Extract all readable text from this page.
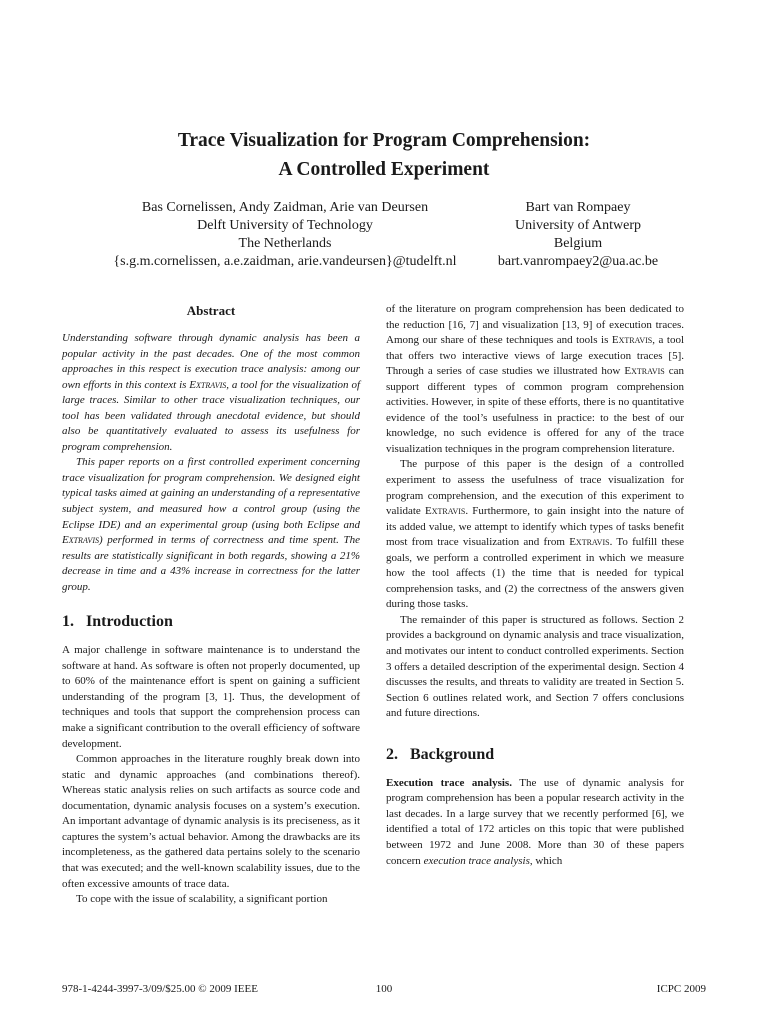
Trace Visualization for Program Comprehension:
A Controlled Experiment
Bas Cornelissen, Andy Zaidman, Arie van Deursen
Delft University of Technology
The Netherlands
{s.g.m.cornelissen, a.e.zaidman, arie.vandeursen}@tudelft.nl
Bart van Rompaey
University of Antwerp
Belgium
bart.vanrompaey2@ua.ac.be
Abstract

Understanding software through dynamic analysis has been a popular activity in the past decades. One of the most common approaches in this respect is execution trace analysis: among our own efforts in this context is Extravis, a tool for the visualization of large traces. Similar to other trace visualization techniques, our tool has been validated through anecdotal evidence, but should also be quantitatively evaluated to assess its usefulness for program comprehension.

This paper reports on a first controlled experiment concerning trace visualization for program comprehension. We designed eight typical tasks aimed at gaining an understanding of a representative subject system, and measured how a control group (using the Eclipse IDE) and an experimental group (using both Eclipse and Extravis) performed in terms of correctness and time spent. The results are statistically significant in both regards, showing a 21% decrease in time and a 43% increase in correctness for the latter group.

1. Introduction

A major challenge in software maintenance is to understand the software at hand. As software is often not properly documented, up to 60% of the maintenance effort is spent on gaining a sufficient understanding of the program [3, 1]. Thus, the development of techniques and tools that support the comprehension process can make a significant contribution to the overall efficiency of software development.

Common approaches in the literature roughly break down into static and dynamic approaches (and combinations thereof). Whereas static analysis relies on such artifacts as source code and documentation, dynamic analysis focuses on a system’s execution. An important advantage of dynamic analysis is its preciseness, as it captures the system’s actual behavior. Among the drawbacks are its incompleteness, as the gathered data pertains solely to the scenario that was executed; and the well-known scalability issues, due to the often excessive amounts of trace data.

To cope with the issue of scalability, a significant portion

of the literature on program comprehension has been dedicated to the reduction [16, 7] and visualization [13, 9] of execution traces. Among our share of these techniques and tools is Extravis, a tool that offers two interactive views of large execution traces [5]. Through a series of case studies we illustrated how Extravis can support different types of common program comprehension activities. However, in spite of these efforts, there is no quantitative evidence of the tool’s usefulness in practice: to the best of our knowledge, no such evidence is offered for any of the trace visualization techniques in the program comprehension literature.

The purpose of this paper is the design of a controlled experiment to assess the usefulness of trace visualization for program comprehension, and the execution of this experiment to validate Extravis. Furthermore, to gain insight into the nature of its added value, we attempt to identify which types of tasks benefit most from trace visualization and from Extravis. To fulfill these goals, we perform a controlled experiment in which we measure how the tool affects (1) the time that is needed for typical comprehension tasks, and (2) the correctness of the answers given during those tasks.

The remainder of this paper is structured as follows. Section 2 provides a background on dynamic analysis and trace visualization, and motivates our intent to conduct controlled experiments. Section 3 offers a detailed description of the experimental design. Section 4 discusses the results, and threats to validity are treated in Section 5. Section 6 outlines related work, and Section 7 offers conclusions and future directions.

2. Background

Execution trace analysis. The use of dynamic analysis for program comprehension has been a popular research activity in the last decades. In a large survey that we recently performed [6], we identified a total of 172 articles on this topic that were published between 1972 and June 2008. More than 30 of these papers concern execution trace analysis, which

978-1-4244-3997-3/09/$25.00 © 2009 IEEE	100	ICPC 2009
